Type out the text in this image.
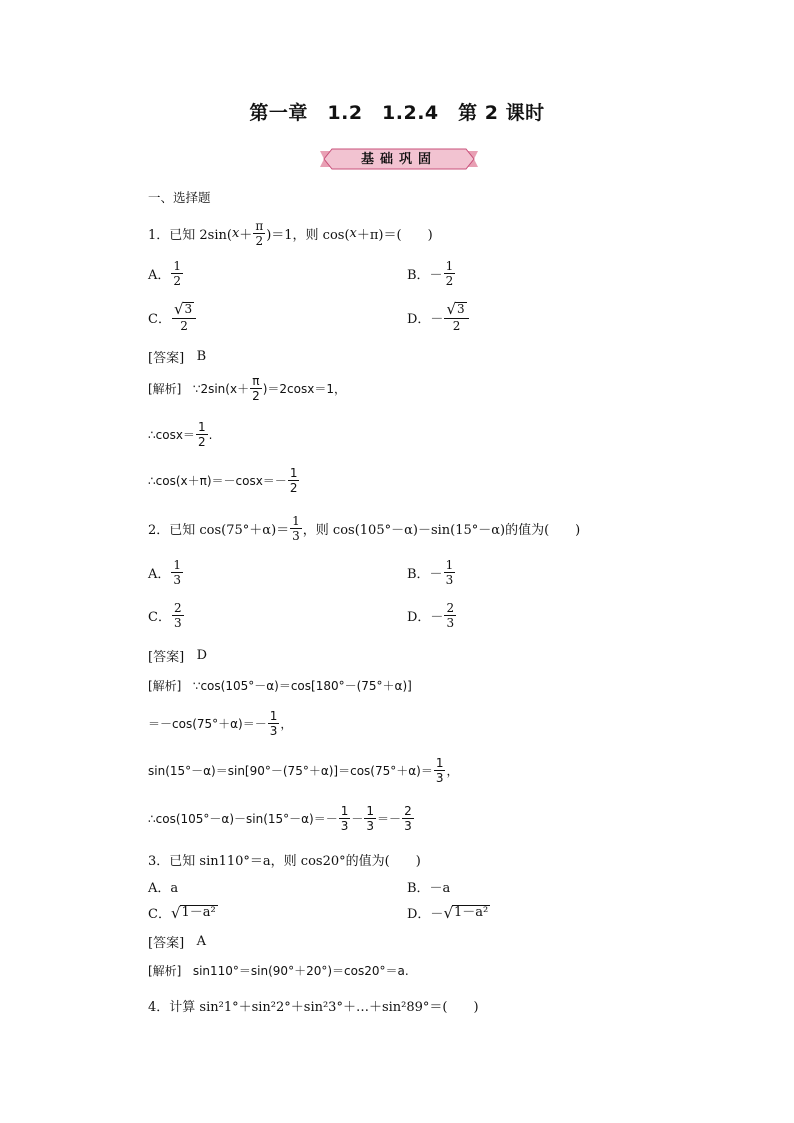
第一章　1.2　1.2.4　第 2 课时
基础巩固
一、选择题
1．已知 2sin( $x + \frac{\pi}{2} )=1$，则 cos( x ＋π)＝(　　)
A． $\frac{1}{2}$	B．－ $\frac{1}{2}$
C． $\frac{√ 3}{2}$	D．－ $\frac{√ 3}{2}$
[答案]
B
[解析]
∵2sin(x＋ $\frac{\pi}{2} )=2\cos x=1$，
∴cosx＝ $\frac{1}{2}$ .
∴cos(x＋π)＝－cosx＝－ $\frac{1}{2}$
2．已知 $\cos(75^\circ+\alpha)= \frac{1}{3}$ ，则 cos(105°－α)－sin(15°－α)的值为(　　)
A． $\frac{1}{3}$	B．－ $\frac{1}{3}$
C． $\frac{2}{3}$	D．－ $\frac{2}{3}$
[答案]
D
[解析]
∵cos(105°－α)＝cos[180°－(75°＋α)]
$=-\cos(75^\circ+\alpha)=- \frac{1}{3}$ ，
$\sin(15^\circ-\alpha)=\sin[90^\circ-(75^\circ+\alpha)]=\cos(75^\circ+\alpha)= \frac{1}{3}$ ，
∴cos(105°－α)－sin(15°－α)＝－ $\frac{1}{3} - \frac{1}{3} =- \frac{2}{3}$
3．已知 sin110°＝a，则 cos20°的值为(　　)
A．a	B．－a
C． √ 1－a²	D．－ √ 1－a²
[答案]
A
[解析]
sin110°＝sin(90°＋20°)＝cos20°＝a.
4．计算 sin²1°＋sin²2°＋sin²3°＋…＋sin²89°＝(　　)
